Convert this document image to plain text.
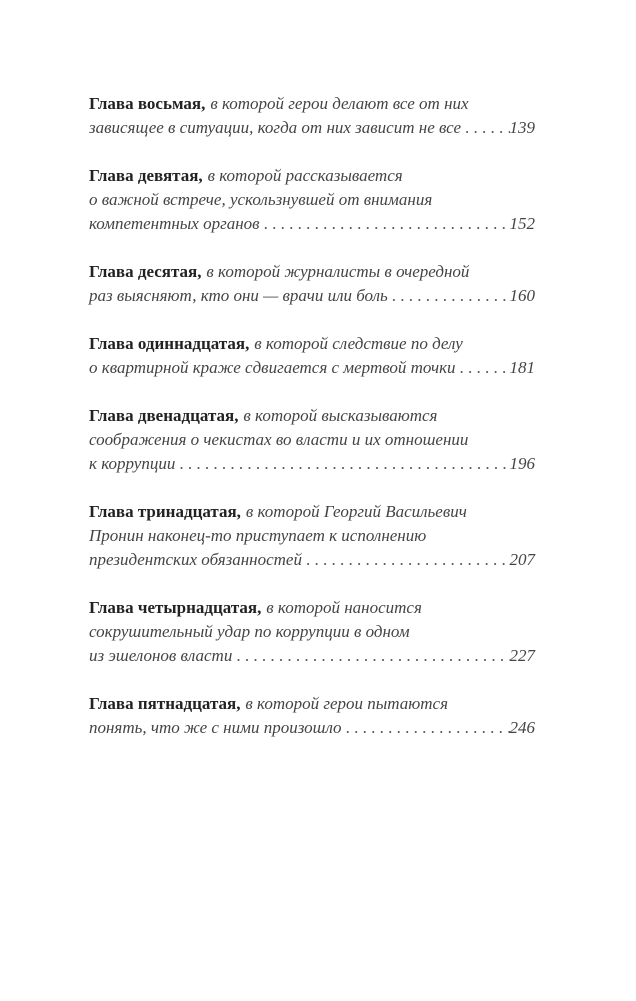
Глава восьмая,
в которой герои делают все от них
зависящее в ситуации, когда от них зависит не все . . .	139
Глава девятая,
в которой рассказывается
о важной встрече, ускользнувшей от внимания
компетентных органов . . .	152
Глава десятая,
в которой журналисты в очередной
раз выясняют, кто они — врачи или боль . . .	160
Глава одиннадцатая,
в которой следствие по делу
о квартирной краже сдвигается с мертвой точки . . .	181
Глава двенадцатая,
в которой высказываются
соображения о чекистах во власти и их отношении
к коррупции . . .	196
Глава тринадцатая,
в которой Георгий Васильевич
Пронин наконец-то приступает к исполнению
президентских обязанностей . . .	207
Глава четырнадцатая,
в которой наносится
сокрушительный удар по коррупции в одном
из эшелонов власти . . .	227
Глава пятнадцатая,
в которой герои пытаются
понять, что же с ними произошло . . .	246
